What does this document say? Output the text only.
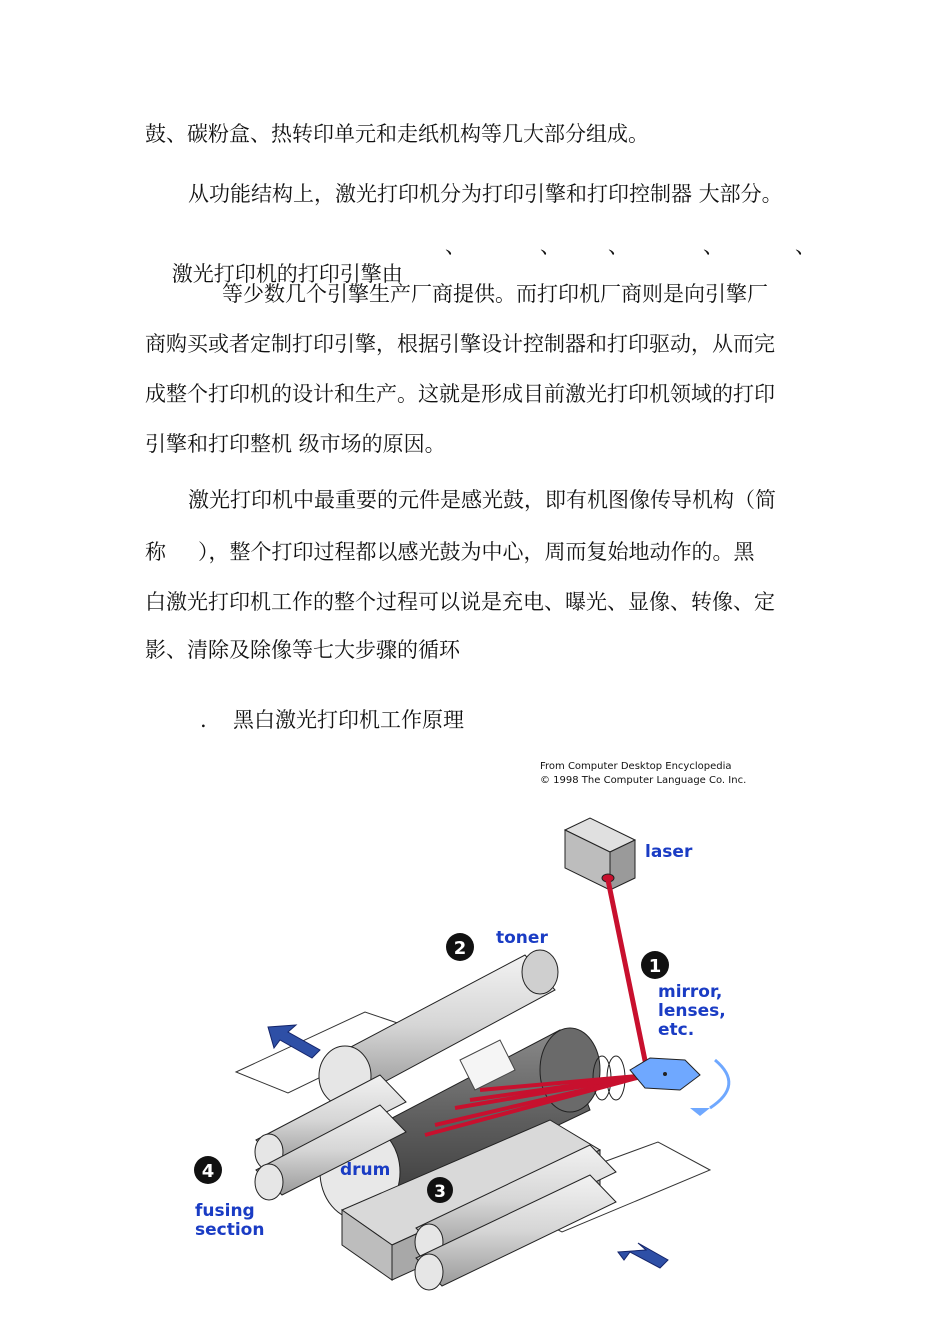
鼓、碳粉盒、热转印单元和走纸机构等几大部分组成。
从功能结构上，激光打印机分为打印引擎和打印控制器 大部分。

激光打印机的打印引擎由

、	、 、	、	、
等少数几个引擎生产厂商提供。而打印机厂商则是向引擎厂
商购买或者定制打印引擎，根据引擎设计控制器和打印驱动，从而完
成整个打印机的设计和生产。这就是形成目前激光打印机领域的打印
引擎和打印整机 级市场的原因。
激光打印机中最重要的元件是感光鼓，即有机图像传导机构（简
称 ），整个打印过程都以感光鼓为中心，周而复始地动作的。黑
白激光打印机工作的整个过程可以说是充电、曝光、显像、转像、定
影、清除及除像等七大步骤的循环
. 黑白激光打印机工作原理
From Computer Desktop Encyclopedia
© 1998 The Computer Language Co. Inc.
1
2
3
4
laser
toner
mirror,
lenses,
etc.
drum
fusing
section
